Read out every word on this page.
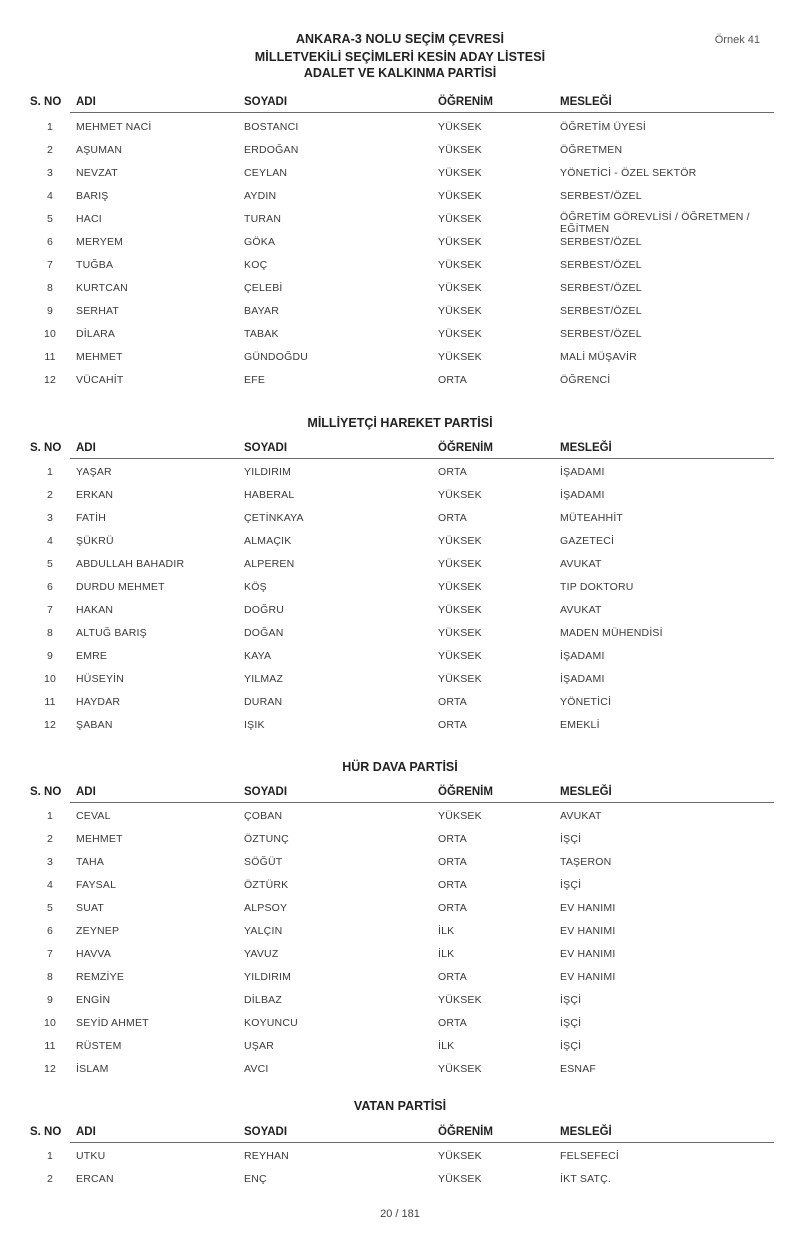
Örnek 41
ANKARA-3 NOLU SEÇİM ÇEVRESİ
MİLLETVEKİLİ SEÇİMLERİ KESİN ADAY LİSTESİ
ADALET VE KALKINMA PARTİSİ
S. NO ADI	SOYADI	ÖĞRENİM	MESLEĞİ
1	MEHMET NACİ	BOSTANCI	YÜKSEK	ÖĞRETİM ÜYESİ
2	AŞUMAN	ERDOĞAN	YÜKSEK	ÖĞRETMEN
3	NEVZAT	CEYLAN	YÜKSEK	YÖNETİCİ - ÖZEL SEKTÖR
4	BARIŞ	AYDIN	YÜKSEK	SERBEST/ÖZEL
5	HACI	TURAN	YÜKSEK	ÖĞRETİM GÖREVLİSİ / ÖĞRETMEN / EĞİTMEN
6	MERYEM	GÖKA	YÜKSEK	SERBEST/ÖZEL
7	TUĞBA	KOÇ	YÜKSEK	SERBEST/ÖZEL
8	KURTCAN	ÇELEBİ	YÜKSEK	SERBEST/ÖZEL
9	SERHAT	BAYAR	YÜKSEK	SERBEST/ÖZEL
10	DİLARA	TABAK	YÜKSEK	SERBEST/ÖZEL
11	MEHMET	GÜNDOĞDU	YÜKSEK	MALİ MÜŞAVİR
12	VÜCAHİT	EFE	ORTA	ÖĞRENCİ
MİLLİYETÇİ HAREKET PARTİSİ
S. NO ADI	SOYADI	ÖĞRENİM	MESLEĞİ
1	YAŞAR	YILDIRIM	ORTA	İŞADAMI
2	ERKAN	HABERAL	YÜKSEK	İŞADAMI
3	FATİH	ÇETİNKAYA	ORTA	MÜTEAHHİT
4	ŞÜKRÜ	ALMAÇIK	YÜKSEK	GAZETECİ
5	ABDULLAH BAHADIR	ALPEREN	YÜKSEK	AVUKAT
6	DURDU MEHMET	KÖŞ	YÜKSEK	TIP DOKTORU
7	HAKAN	DOĞRU	YÜKSEK	AVUKAT
8	ALTUĞ BARIŞ	DOĞAN	YÜKSEK	MADEN MÜHENDİSİ
9	EMRE	KAYA	YÜKSEK	İŞADAMI
10	HÜSEYİN	YILMAZ	YÜKSEK	İŞADAMI
11	HAYDAR	DURAN	ORTA	YÖNETİCİ
12	ŞABAN	IŞIK	ORTA	EMEKLİ
HÜR DAVA PARTİSİ
S. NO ADI	SOYADI	ÖĞRENİM	MESLEĞİ
1	CEVAL	ÇOBAN	YÜKSEK	AVUKAT
2	MEHMET	ÖZTUNÇ	ORTA	İŞÇİ
3	TAHA	SÖĞÜT	ORTA	TAŞERON
4	FAYSAL	ÖZTÜRK	ORTA	İŞÇİ
5	SUAT	ALPSOY	ORTA	EV HANIMI
6	ZEYNEP	YALÇIN	İLK	EV HANIMI
7	HAVVA	YAVUZ	İLK	EV HANIMI
8	REMZİYE	YILDIRIM	ORTA	EV HANIMI
9	ENGİN	DİLBAZ	YÜKSEK	İŞÇİ
10	SEYİD AHMET	KOYUNCU	ORTA	İŞÇİ
11	RÜSTEM	UŞAR	İLK	İŞÇİ
12	İSLAM	AVCI	YÜKSEK	ESNAF
VATAN PARTİSİ
S. NO ADI	SOYADI	ÖĞRENİM	MESLEĞİ
1	UTKU	REYHAN	YÜKSEK	FELSEFECİ
2	ERCAN	ENÇ	YÜKSEK	İKT SATÇ.
20 / 181
